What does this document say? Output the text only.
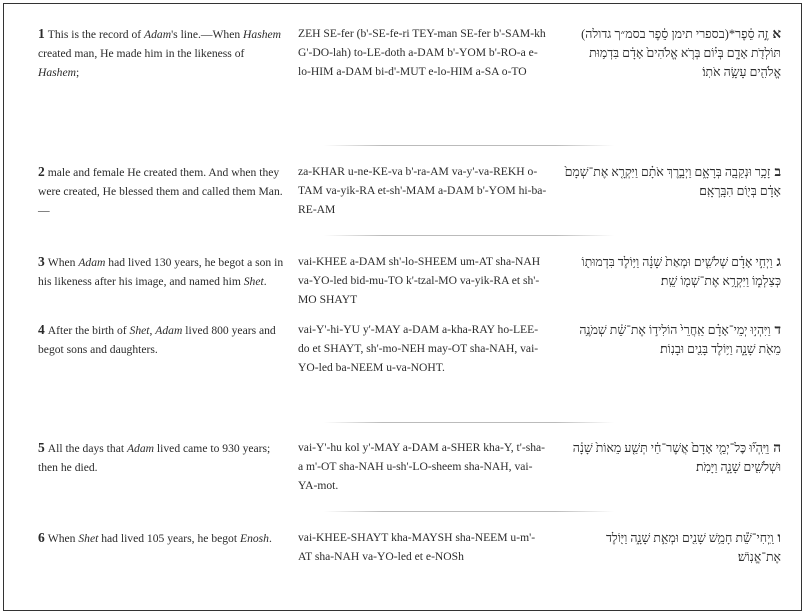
1 This is the record of Adam's line.—When Hashem created man, He made him in the likeness of Hashem;
ZEH SE-fer (b'-SE-fe-ri TEY-man SE-fer b'-SAM-kh G'-DO-lah) to-LE-doth a-DAM b'-YOM b'-RO-a e-lo-HIM a-DAM bi-d'-MUT e-lo-HIM a-SA o-TO
אזֶ֣ה סֵ֔פֶר*(בספרי תימן סֵ֔פֶר בסמ״ך גדולה) תּוֹלְדֹ֖ת אָדָ֑ם בְּי֗וֹם בְּרֹ֤א אֱלֹהִים֙ אָדָ֔ם בִּדְמ֥וּת אֱלֹהִ֖ים עָשָׂ֥ה אֹתֽוֹ׃
2 male and female He created them. And when they were created, He blessed them and called them Man.—
za-KHAR u-ne-KE-va b'-ra-AM va-y'-va-REKH o-TAM va-yik-RA et-sh'-MAM a-DAM b'-YOM hi-ba-RE-AM
בזָכָ֥ר וּנְקֵבָ֖ה בְּרָאָ֑ם וַיְבָ֣רֶךְ אֹתָ֗ם וַיִּקְרָ֤א אֶת־שְׁמָם֙ אָדָ֔ם בְּי֖וֹם הִבָּֽרְאָֽם׃
3 When Adam had lived 130 years, he begot a son in his likeness after his image, and named him Shet.
vai-KHEE a-DAM sh'-lo-SHEEM um-AT sha-NAH va-YO-led bid-mu-TO k'-tzal-MO va-yik-RA et sh'-MO SHAYT
גוַיְחִ֣י אָדָ֗ם שְׁלֹשִׁ֤ים וּמְאַת֙ שָׁנָ֔ה וַיּ֥וֹלֶד בִּדְמוּת֖וֹ כְּצַלְמ֑וֹ וַיִּקְרָ֥א אֶת־שְׁמ֖וֹ שֵֽׁת׃
4 After the birth of Shet, Adam lived 800 years and begot sons and daughters.
vai-Y'-hi-YU y'-MAY a-DAM a-kha-RAY ho-LEE-do et SHAYT, sh'-mo-NEH may-OT sha-NAH, vai-YO-led ba-NEEM u-va-NOHT.
דוַיִּהְי֣וּ יְמֵי־אָדָ֗ם אַֽחֲרֵי֙ הוֹלִיד֣וֹ אֶת־שֵׁ֔ת שְׁמֹנֶ֥ה מֵאֹ֖ת שָׁנָ֑ה וַיּ֥וֹלֶד בָּנִ֖ים וּבָנֽוֹת׃
5 All the days that Adam lived came to 930 years; then he died.
vai-Y'-hu kol y'-MAY a-DAM a-SHER kha-Y, t'-sha-a m'-OT sha-NAH u-sh'-LO-sheem sha-NAH, vai-YA-mot.
הוַיִּֽהְי֞וּ כׇּל־יְמֵ֤י אָדָם֙ אֲשֶׁר־חַ֔י תְּשַׁ֤ע מֵאוֹת֙ שָׁנָ֔ה וּשְׁלֹשִׁ֖ים שָׁנָ֑ה וַיָּמֹֽת׃
6 When Shet had lived 105 years, he begot Enosh.	vai-KHEE-SHAYT kha-MAYSH sha-NEEM u-m'-AT sha-NAH va-YO-led et e-NOSh
ווַֽיְחִי־שֵׁ֕ת חָמֵ֥שׁ שָׁנִ֖ים וּמְאַ֣ת שָׁנָ֑ה וַיּ֖וֹלֶד אֶת־אֱנֽוֹשׁ׃
